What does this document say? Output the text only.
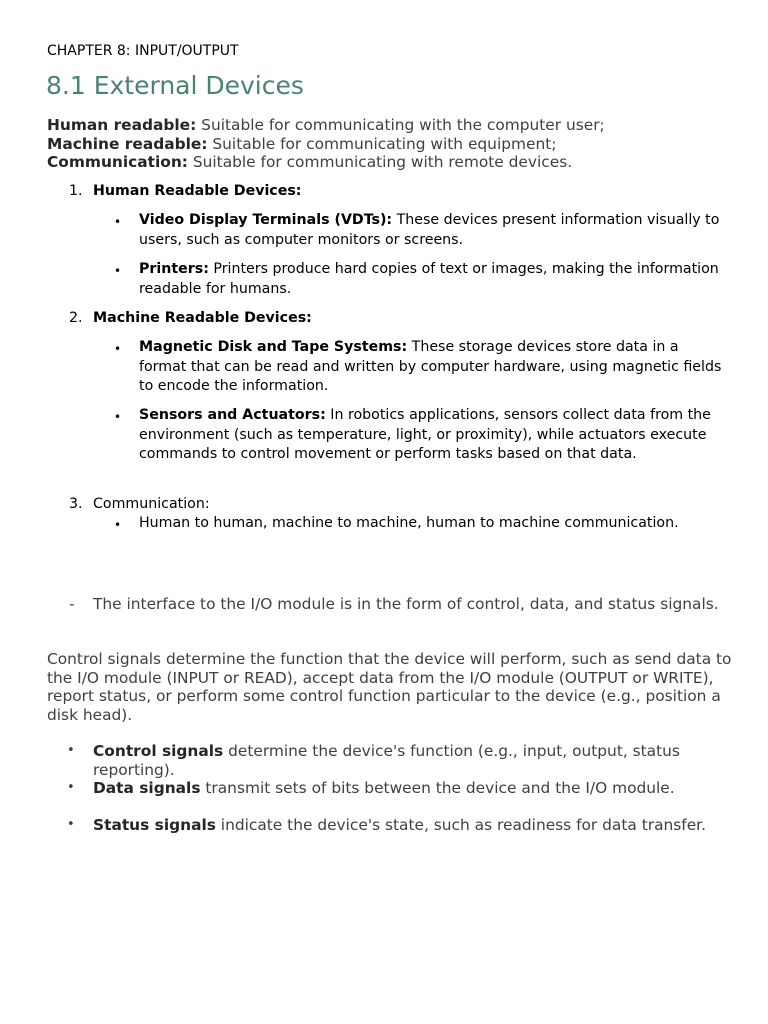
CHAPTER 8: INPUT/OUTPUT
8.1 External Devices
Human readable: Suitable for communicating with the computer user;
Machine readable: Suitable for communicating with equipment;
Communication: Suitable for communicating with remote devices.
1. Human Readable Devices:
• Video Display Terminals (VDTs): These devices present information visually to users, such as computer monitors or screens.
• Printers: Printers produce hard copies of text or images, making the information readable for humans.
2. Machine Readable Devices:
• Magnetic Disk and Tape Systems: These storage devices store data in a format that can be read and written by computer hardware, using magnetic fields to encode the information.
• Sensors and Actuators: In robotics applications, sensors collect data from the environment (such as temperature, light, or proximity), while actuators execute commands to control movement or perform tasks based on that data.
3. Communication:
• Human to human, machine to machine, human to machine communication.
- The interface to the I/O module is in the form of control, data, and status signals.
Control signals determine the function that the device will perform, such as send data to the I/O module (INPUT or READ), accept data from the I/O module (OUTPUT or WRITE), report status, or perform some control function particular to the device (e.g., position a disk head).
• Control signals determine the device's function (e.g., input, output, status reporting).
• Data signals transmit sets of bits between the device and the I/O module.
• Status signals indicate the device's state, such as readiness for data transfer.
